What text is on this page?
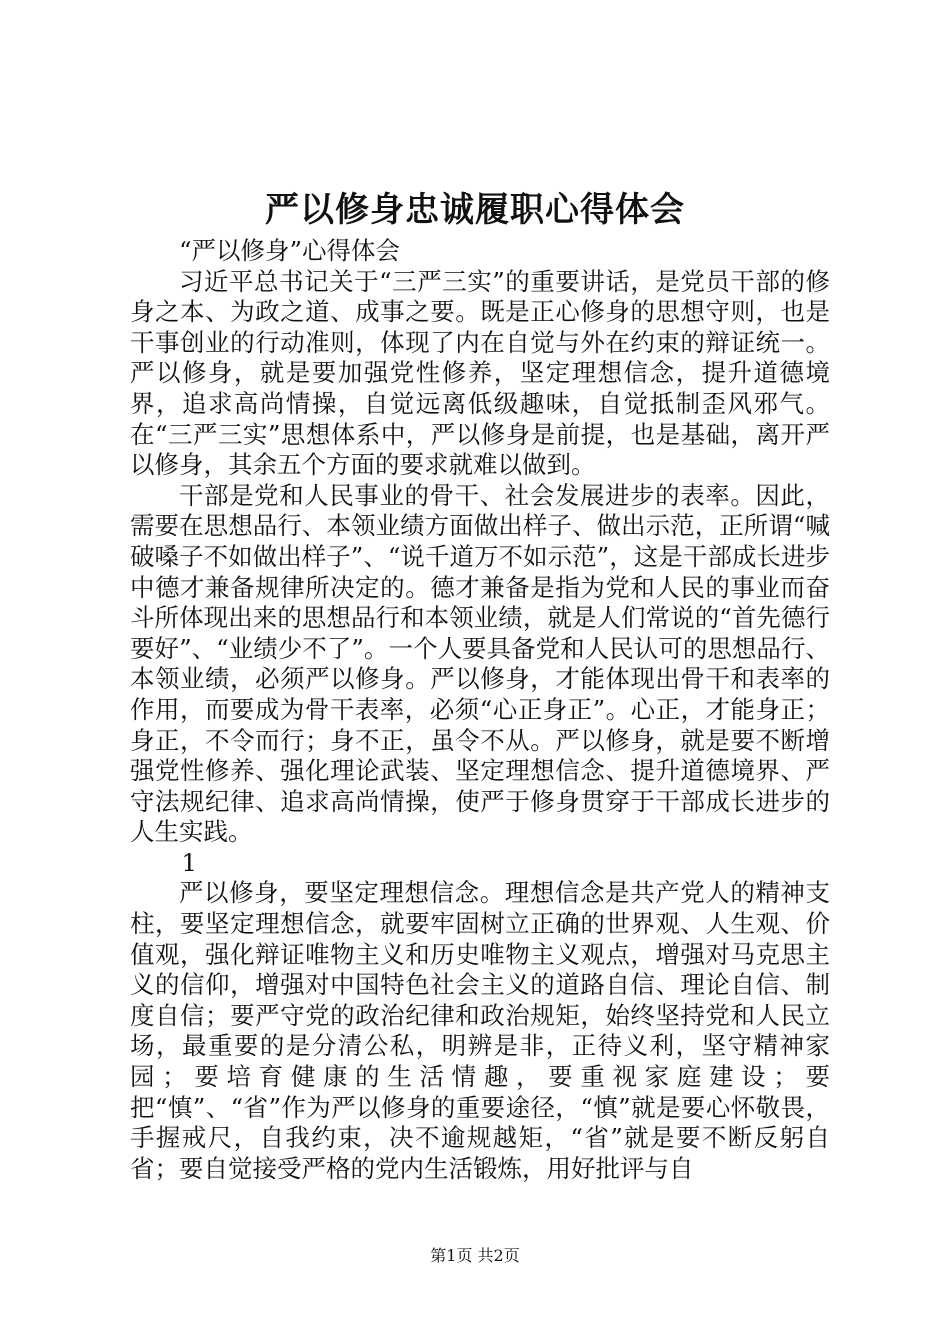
严以修身忠诚履职心得体会

“严以修身”心得体会

习近平总书记关于“三严三实”的重要讲话，是党员干部的修身之本、为政之道、成事之要。既是正心修身的思想守则，也是干事创业的行动准则，体现了内在自觉与外在约束的辩证统一。严以修身，就是要加强党性修养，坚定理想信念，提升道德境界，追求高尚情操，自觉远离低级趣味，自觉抵制歪风邪气。在“三严三实”思想体系中，严以修身是前提，也是基础，离开严以修身，其余五个方面的要求就难以做到。

干部是党和人民事业的骨干、社会发展进步的表率。因此，需要在思想品行、本领业绩方面做出样子、做出示范，正所谓“喊破嗓子不如做出样子”、“说千道万不如示范”，这是干部成长进步中德才兼备规律所决定的。德才兼备是指为党和人民的事业而奋斗所体现出来的思想品行和本领业绩，就是人们常说的“首先德行要好”、“业绩少不了”。一个人要具备党和人民认可的思想品行、本领业绩，必须严以修身。严以修身，才能体现出骨干和表率的作用，而要成为骨干表率，必须“心正身正”。心正，才能身正；身正，不令而行；身不正，虽令不从。严以修身，就是要不断增强党性修养、强化理论武装、坚定理想信念、提升道德境界、严守法规纪律、追求高尚情操，使严于修身贯穿于干部成长进步的人生实践。

1

严以修身，要坚定理想信念。理想信念是共产党人的精神支柱，要坚定理想信念，就要牢固树立正确的世界观、人生观、价值观，强化辩证唯物主义和历史唯物主义观点，增强对马克思主义的信仰，增强对中国特色社会主义的道路自信、理论自信、制度自信；要严守党的政治纪律和政治规矩，始终坚持党和人民立场，最重要的是分清公私，明辨是非，正待义利，坚守精神家园；要培育健康的生活情趣，要重视家庭建设；要把“慎”、“省”作为严以修身的重要途径，“慎”就是要心怀敬畏，手握戒尺，自我约束，决不逾规越矩，“省”就是要不断反躬自省；要自觉接受严格的党内生活锻炼，用好批评与自

第1页 共2页
